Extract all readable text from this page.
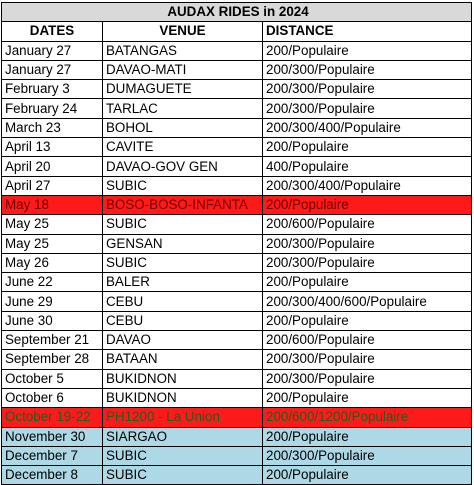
AUDAX RIDES in 2024		
DATES	VENUE	DISTANCE
January 27	BATANGAS	200/Populaire
January 27	DAVAO-MATI	200/300/Populaire
February 3	DUMAGUETE	200/300/Populaire
February 24	TARLAC	200/300/Populaire
March 23	BOHOL	200/300/400/Populaire
April 13	CAVITE	200/Populaire
April 20	DAVAO-GOV GEN	400/Populaire
April 27	SUBIC	200/300/400/Populaire
May 18	BOSO-BOSO-INFANTA	200/Populaire
May 25	SUBIC	200/600/Populaire
May 25	GENSAN	200/300/Populaire
May 26	SUBIC	200/300/Populaire
June 22	BALER	200/Populaire
June 29	CEBU	200/300/400/600/Populaire
June 30	CEBU	200/Populaire
September 21	DAVAO	200/600/Populaire
September 28	BATAAN	200/300/Populaire
October 5	BUKIDNON	200/300/Populaire
October 6	BUKIDNON	200/Populaire
October 19-22	PH1200 - La Union	200/600/1200/Populaire
November 30	SIARGAO	200/Populaire
December 7	SUBIC	200/300/Populaire
December 8	SUBIC	200/Populaire
